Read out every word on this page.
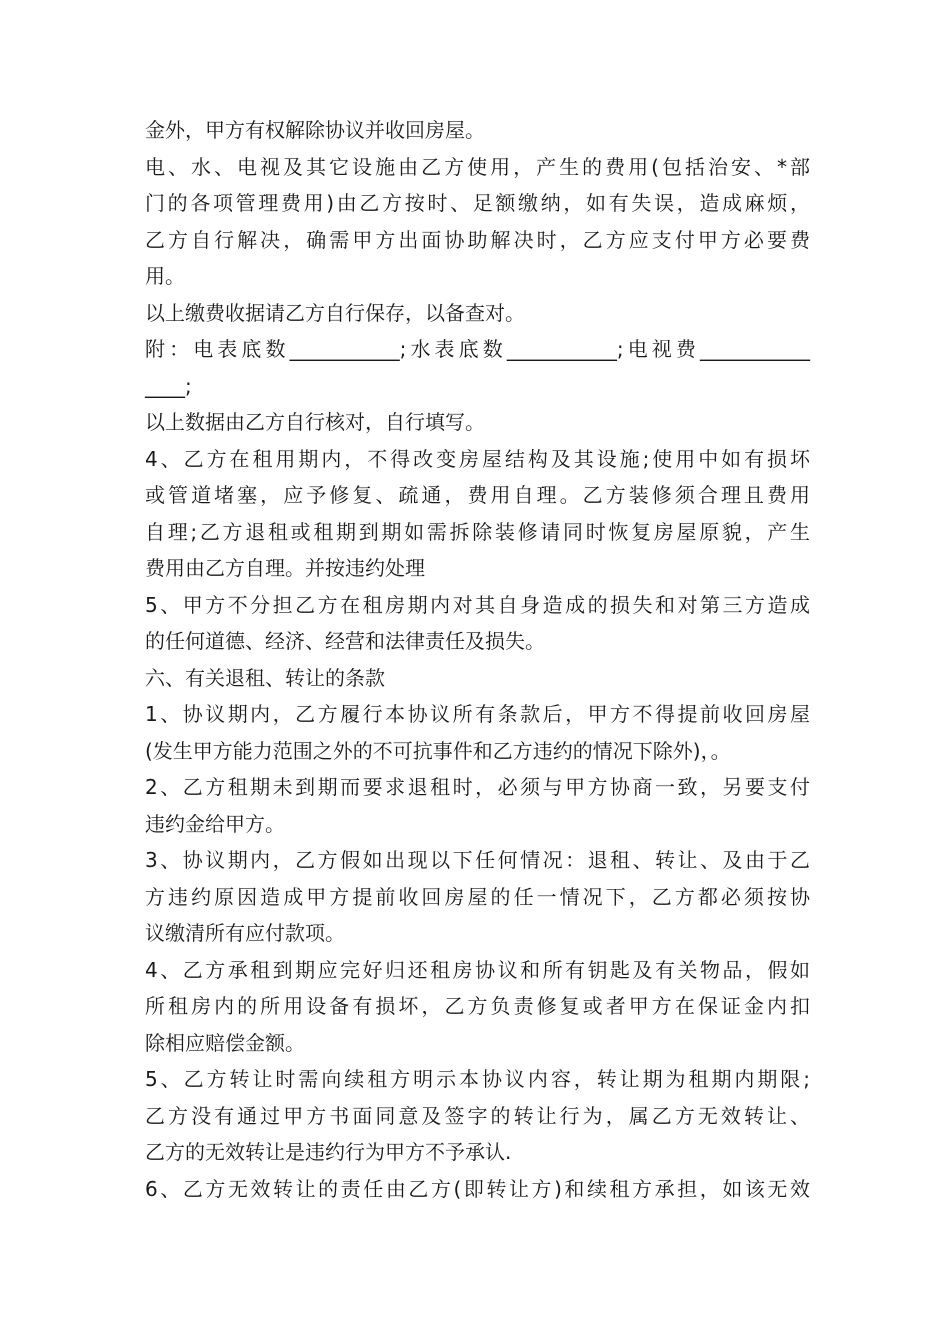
金外，甲方有权解除协议并收回房屋。
电、水、电视及其它设施由乙方使用，产生的费用(包括治安、*部
门的各项管理费用)由乙方按时、足额缴纳，如有失误，造成麻烦，
乙方自行解决，确需甲方出面协助解决时，乙方应支付甲方必要费
用。
以上缴费收据请乙方自行保存，以备查对。
附：电表底数___________;水表底数___________;电视费___________
____;
以上数据由乙方自行核对，自行填写。
4、乙方在租用期内，不得改变房屋结构及其设施;使用中如有损坏
或管道堵塞，应予修复、疏通，费用自理。乙方装修须合理且费用
自理;乙方退租或租期到期如需拆除装修请同时恢复房屋原貌，产生
费用由乙方自理。并按违约处理
5、甲方不分担乙方在租房期内对其自身造成的损失和对第三方造成
的任何道德、经济、经营和法律责任及损失。
六、有关退租、转让的条款
1、协议期内，乙方履行本协议所有条款后，甲方不得提前收回房屋
(发生甲方能力范围之外的不可抗事件和乙方违约的情况下除外)，。
2、乙方租期未到期而要求退租时，必须与甲方协商一致，另要支付
违约金给甲方。
3、协议期内，乙方假如出现以下任何情况：退租、转让、及由于乙
方违约原因造成甲方提前收回房屋的任一情况下，乙方都必须按协
议缴清所有应付款项。
4、乙方承租到期应完好归还租房协议和所有钥匙及有关物品，假如
所租房内的所用设备有损坏，乙方负责修复或者甲方在保证金内扣
除相应赔偿金额。
5、乙方转让时需向续租方明示本协议内容，转让期为租期内期限;
乙方没有通过甲方书面同意及签字的转让行为，属乙方无效转让、
乙方的无效转让是违约行为甲方不予承认.
6、乙方无效转让的责任由乙方(即转让方)和续租方承担，如该无效
